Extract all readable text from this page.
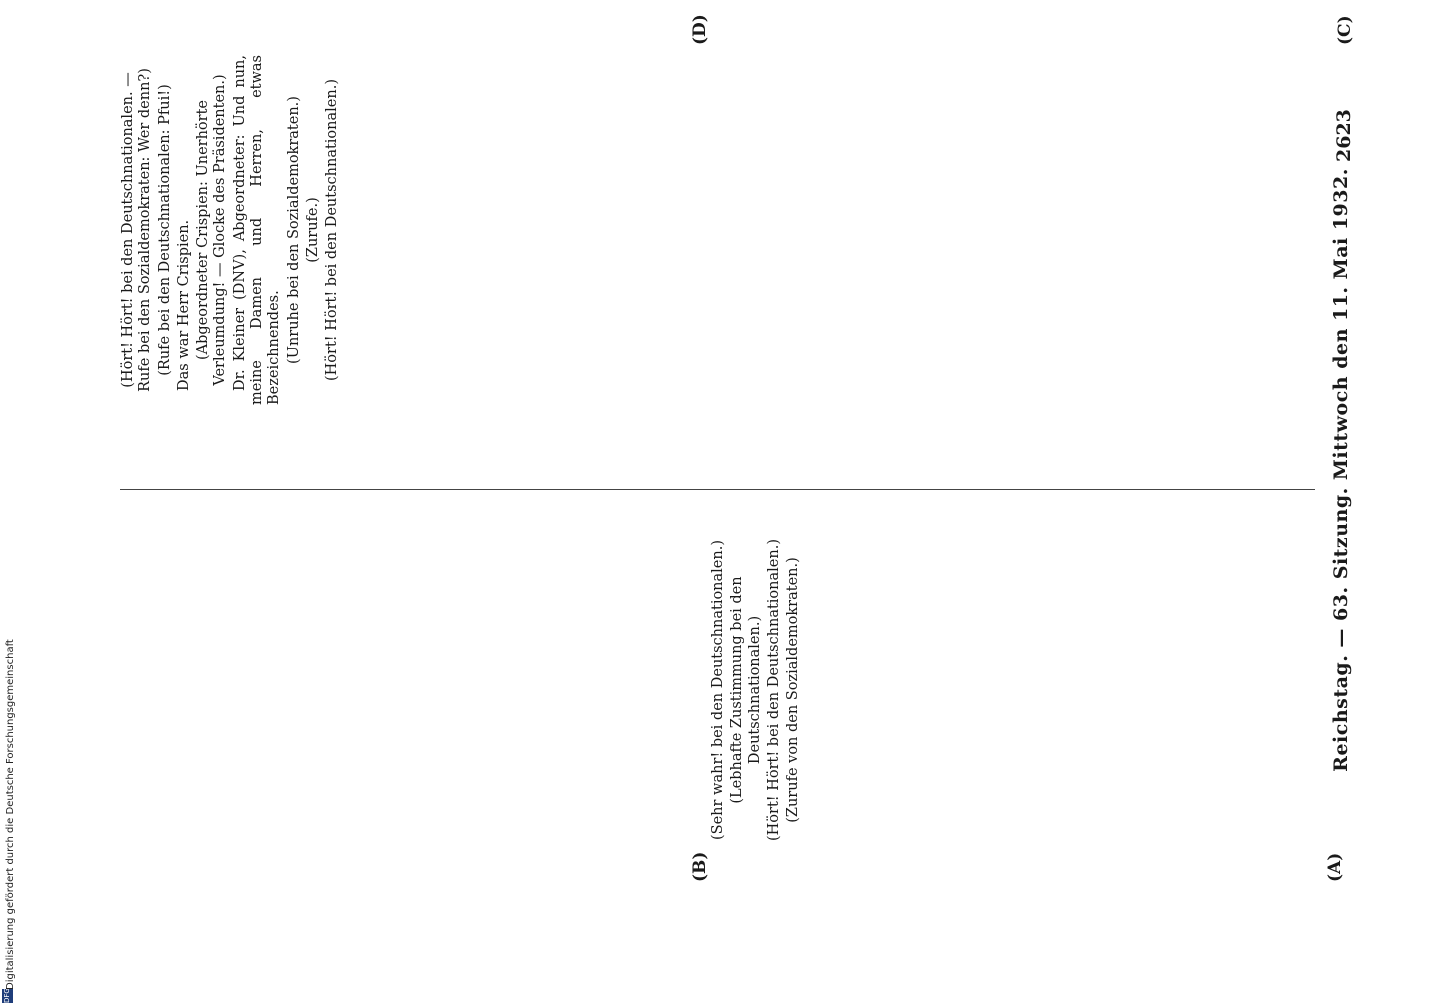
Reichstag. — 63. Sitzung. Mittwoch den 11. Mai 1932.
2623
(A)
(B)
(C)
(D)

(Sehr wahr! bei den Deutschnationalen.) (Lebhafte Zustimmung bei den Deutschnationalen.) (Hört! Hört! bei den Deutschnationalen.) (Zurufe von den Sozialdemokraten.)

(Hört! Hört! bei den Deutschnationalen. — Rufe bei den Sozialdemokraten: Wer denn?) (Rufe bei den Deutschnationalen: Pfui!) Das war Herr Crispien. (Abgeordneter Crispien: Unerhörte Verleumdung! — Glocke des Präsidenten.) Dr. Kleiner (DNV), Abgeordneter: Und nun, meine Damen und Herren, etwas Bezeichnendes. (Unruhe bei den Sozialdemokraten.) (Zurufe.) (Hört! Hört! bei den Deutschnationalen.)

DFG
Digitalisierung gefördert durch die Deutsche Forschungsgemeinschaft
